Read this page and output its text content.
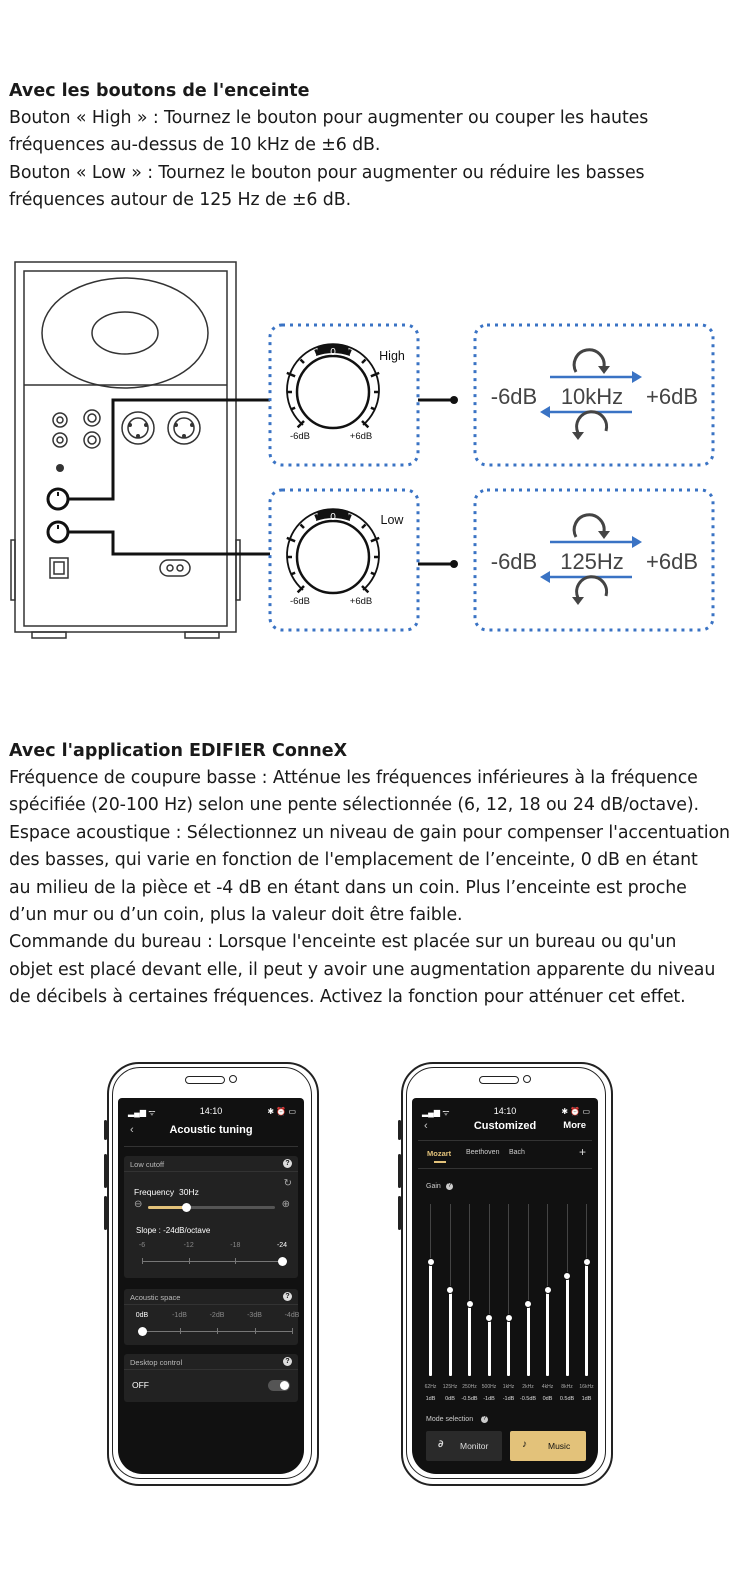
Avec les boutons de l'enceinte
Bouton « High » : Tournez le bouton pour augmenter ou couper les hautes
fréquences au-dessus de 10 kHz de ±6 dB.
Bouton « Low » : Tournez le bouton pour augmenter ou réduire les basses
fréquences autour de 125 Hz de ±6 dB.
0	High
-6dB	+6dB
-6dB 10kHz +6dB
0	Low
-6dB	+6dB
-6dB 125Hz +6dB
Avec l'application EDIFIER ConneX
Fréquence de coupure basse : Atténue les fréquences inférieures à la fréquence
spécifiée (20-100 Hz) selon une pente sélectionnée (6, 12, 18 ou 24 dB/octave).
Espace acoustique : Sélectionnez un niveau de gain pour compenser l'accentuation
des basses, qui varie en fonction de l'emplacement de l’enceinte, 0 dB en étant
au milieu de la pièce et -4 dB en étant dans un coin. Plus l’enceinte est proche
d’un mur ou d’un coin, plus la valeur doit être faible.
Commande du bureau : Lorsque l'enceinte est placée sur un bureau ou qu'un
objet est placé devant elle, il peut y avoir une augmentation apparente du niveau
de décibels à certaines fréquences. Activez la fonction pour atténuer cet effet.
▂▄▆ ᯤ	14:10	✱ ⏰ ▭
‹	Acoustic tuning
Low cutoff	?
Frequency 30Hz
↻
⊖	⊕
Slope : -24dB/octave
-6	-12	-18	-24
Acoustic space	?
0dB	-1dB	-2dB	-3dB	-4dB
Desktop control	?
OFF
▂▄▆ ᯤ	14:10	✱ ⏰ ▭
‹	Customized	More
Mozart Beethoven Bach	+
Gain	?
62Hz
1dB
125Hz
0dB
250Hz
-0.5dB
500Hz
-1dB
1kHz
-1dB
2kHz
-0.5dB
4kHz
0dB
8kHz
0.5dB
16kHz
1dB
Mode selection	?
𝟃 Monitor	♪ Music
